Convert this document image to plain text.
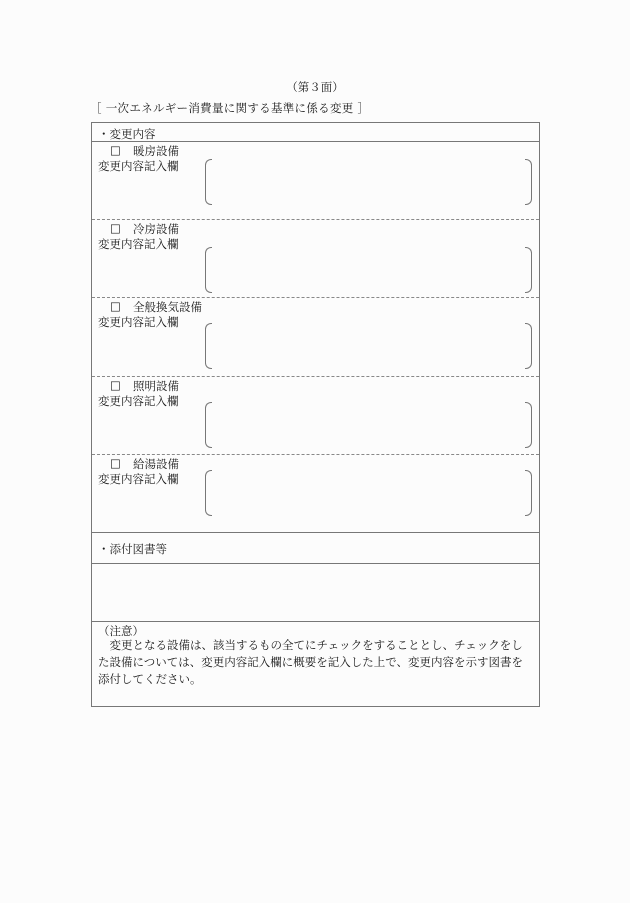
（第３面）
［ 一次エネルギー消費量に関する基準に係る変更 ］
・変更内容
□ 暖房設備
変更内容記入欄
□ 冷房設備
変更内容記入欄
□ 全般換気設備
変更内容記入欄
□ 照明設備
変更内容記入欄
□ 給湯設備
変更内容記入欄
・添付図書等
（注意）
　変更となる設備は、該当するもの全てにチェックをすることとし、チェックをし
た設備については、変更内容記入欄に概要を記入した上で、変更内容を示す図書を
添付してください。
